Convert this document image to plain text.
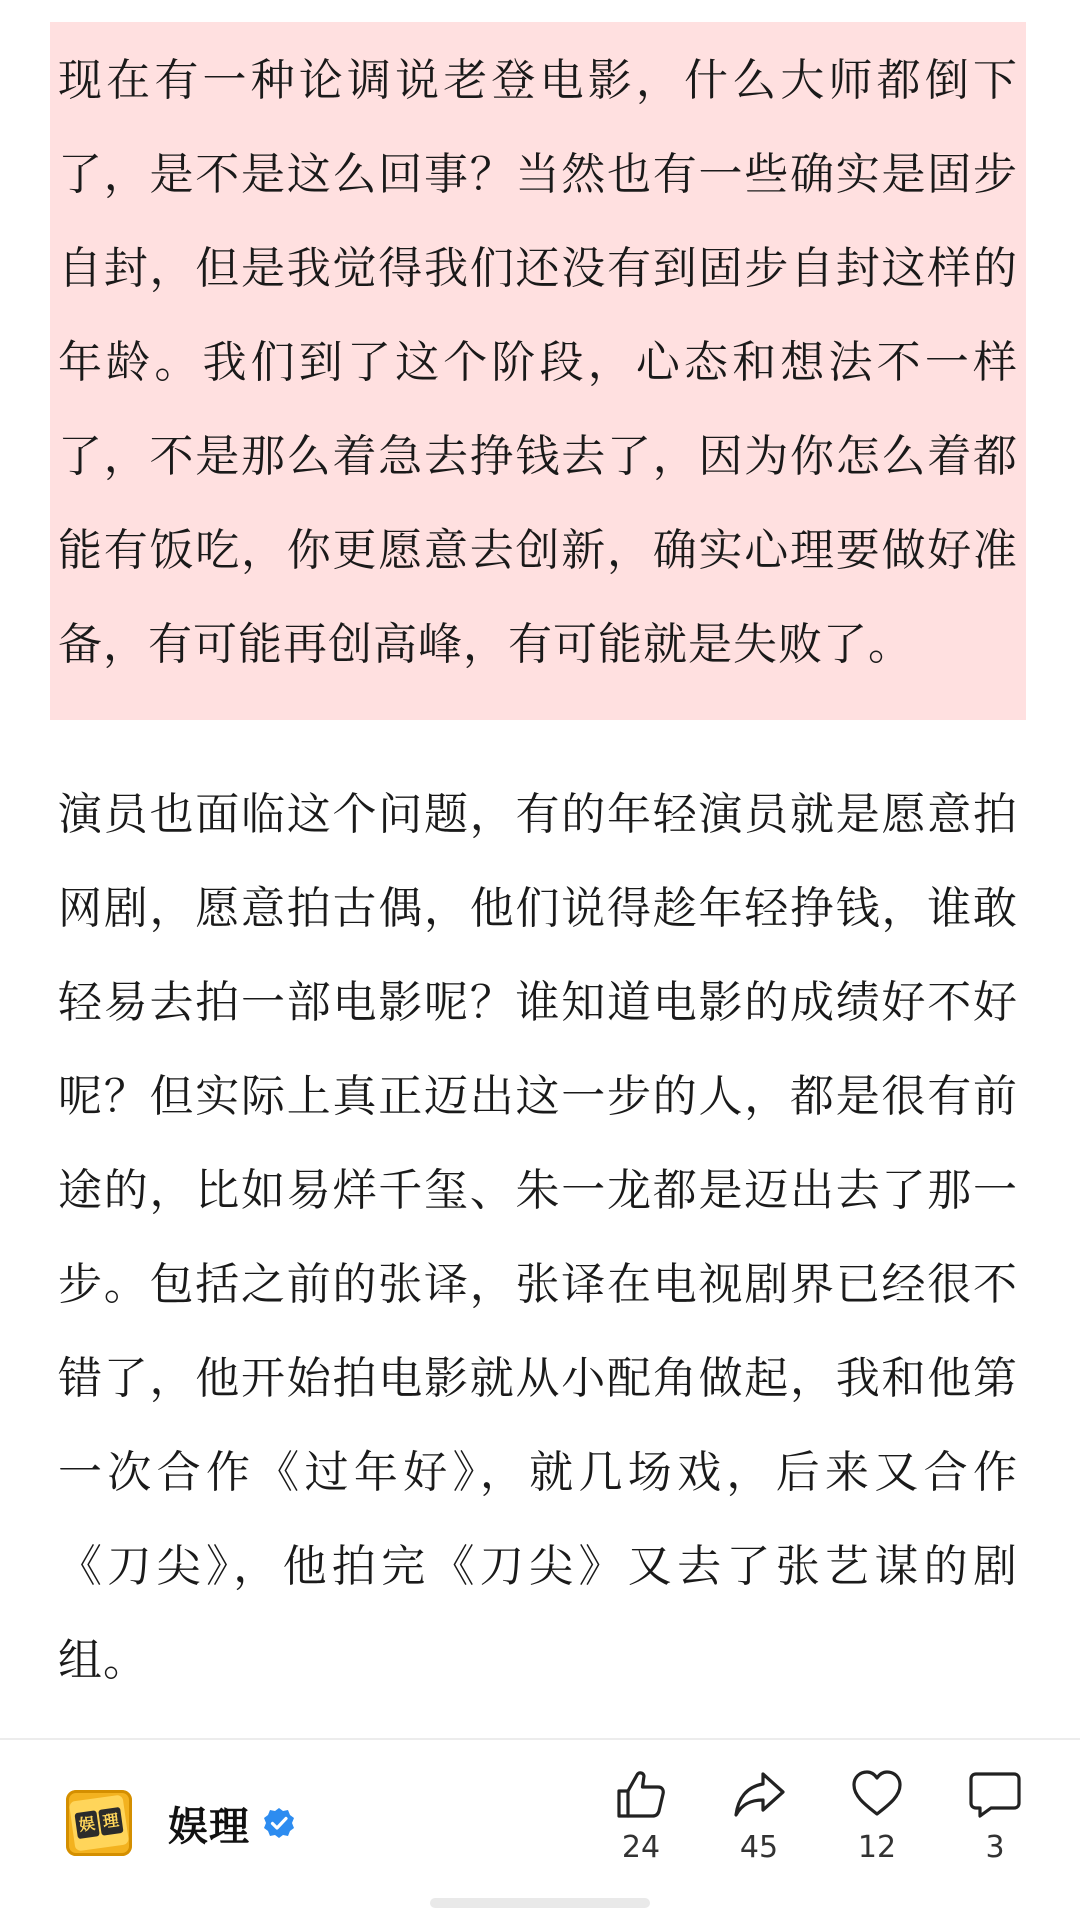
现在有一种论调说老登电影，什么大师都倒下了，是不是这么回事？当然也有一些确实是固步自封，但是我觉得我们还没有到固步自封这样的年龄。我们到了这个阶段，心态和想法不一样了，不是那么着急去挣钱去了，因为你怎么着都能有饭吃，你更愿意去创新，确实心理要做好准备，有可能再创高峰，有可能就是失败了。

演员也面临这个问题，有的年轻演员就是愿意拍网剧，愿意拍古偶，他们说得趁年轻挣钱，谁敢轻易去拍一部电影呢？谁知道电影的成绩好不好呢？但实际上真正迈出这一步的人，都是很有前途的，比如易烊千玺、朱一龙都是迈出去了那一步。包括之前的张译，张译在电视剧界已经很不错了，他开始拍电影就从小配角做起，我和他第一次合作《过年好》，就几场戏，后来又合作《刀尖》，他拍完《刀尖》又去了张艺谋的剧组。

娱 理 娱理	24	45	12	3
